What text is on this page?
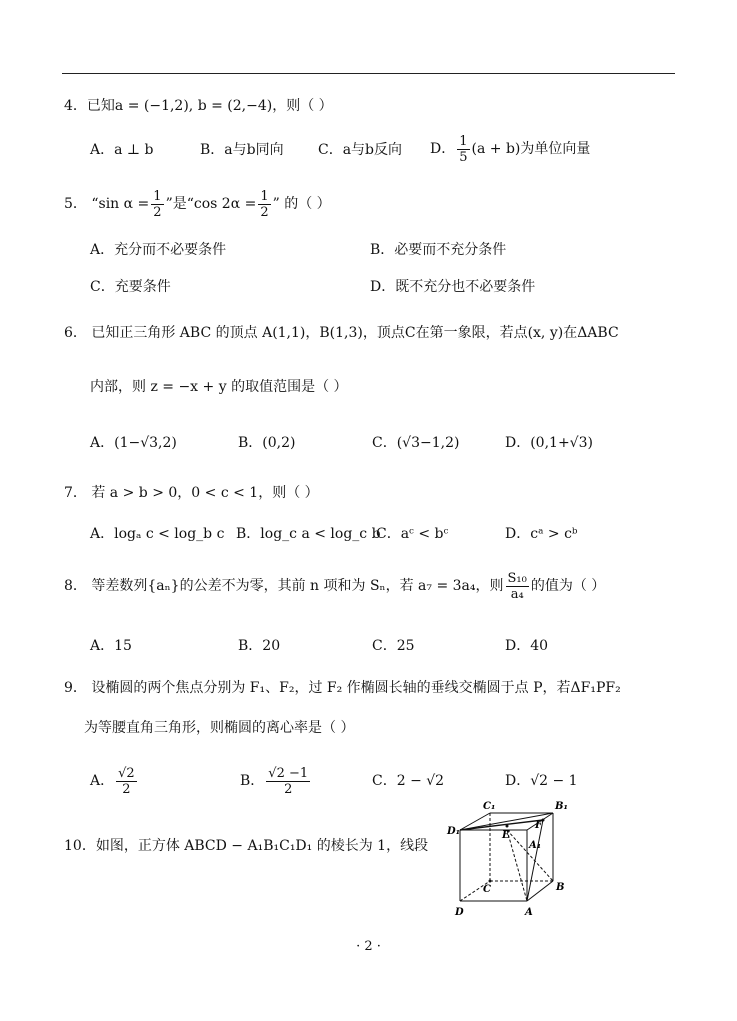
4．已知a = (−1,2), b = (2,−4)，则（ ）
A．a ⊥ b	B．a与b同向 C．a与b反向 D． $\frac{1}{5} (a + b)$为单位向量
5． “sin $\alpha = \frac{1}{2}$ ”是“cos $2\alpha = \frac{1}{2}$ ” 的（ ）
A．充分而不必要条件	B．必要而不充分条件
C．充要条件	D．既不充分也不必要条件
6． 已知正三角形 ABC 的顶点 A(1,1)，B(1,3)，顶点C在第一象限，若点(x, y)在ΔABC
内部，则 z = −x + y 的取值范围是（ ）
A．(1−√3,2)	B．(0,2)	C．(√3−1,2)	D．(0,1+√3)
7． 若 a > b > 0，0 < c < 1，则（ ）
A．logₐ c < log_b c B．log_c a < log_c b
C．aᶜ < bᶜ	D．cᵃ > cᵇ
8． 等差数列{aₙ}的公差不为零，其前 n 项和为 Sₙ，若 a₇ = 3a₄，则 $\frac{\text{S₁₀}}{\text{a₄}}$ 的值为（ ）
A．15	B．20	C．25	D．40
9． 设椭圆的两个焦点分别为 F₁、F₂，过 F₂ 作椭圆长轴的垂线交椭圆于点 P，若ΔF₁PF₂
为等腰直角三角形，则椭圆的离心率是（ ）
A． $\frac{√2}{2}$	B． $\frac{√2 -1}{2}$	C．2 − √2	D．√2 − 1
10．如图，正方体 ABCD − A₁B₁C₁D₁ 的棱长为 1，线段
C₁	B₁
D₁	E
F
A₁
C	B
D	A
· 2 ·
